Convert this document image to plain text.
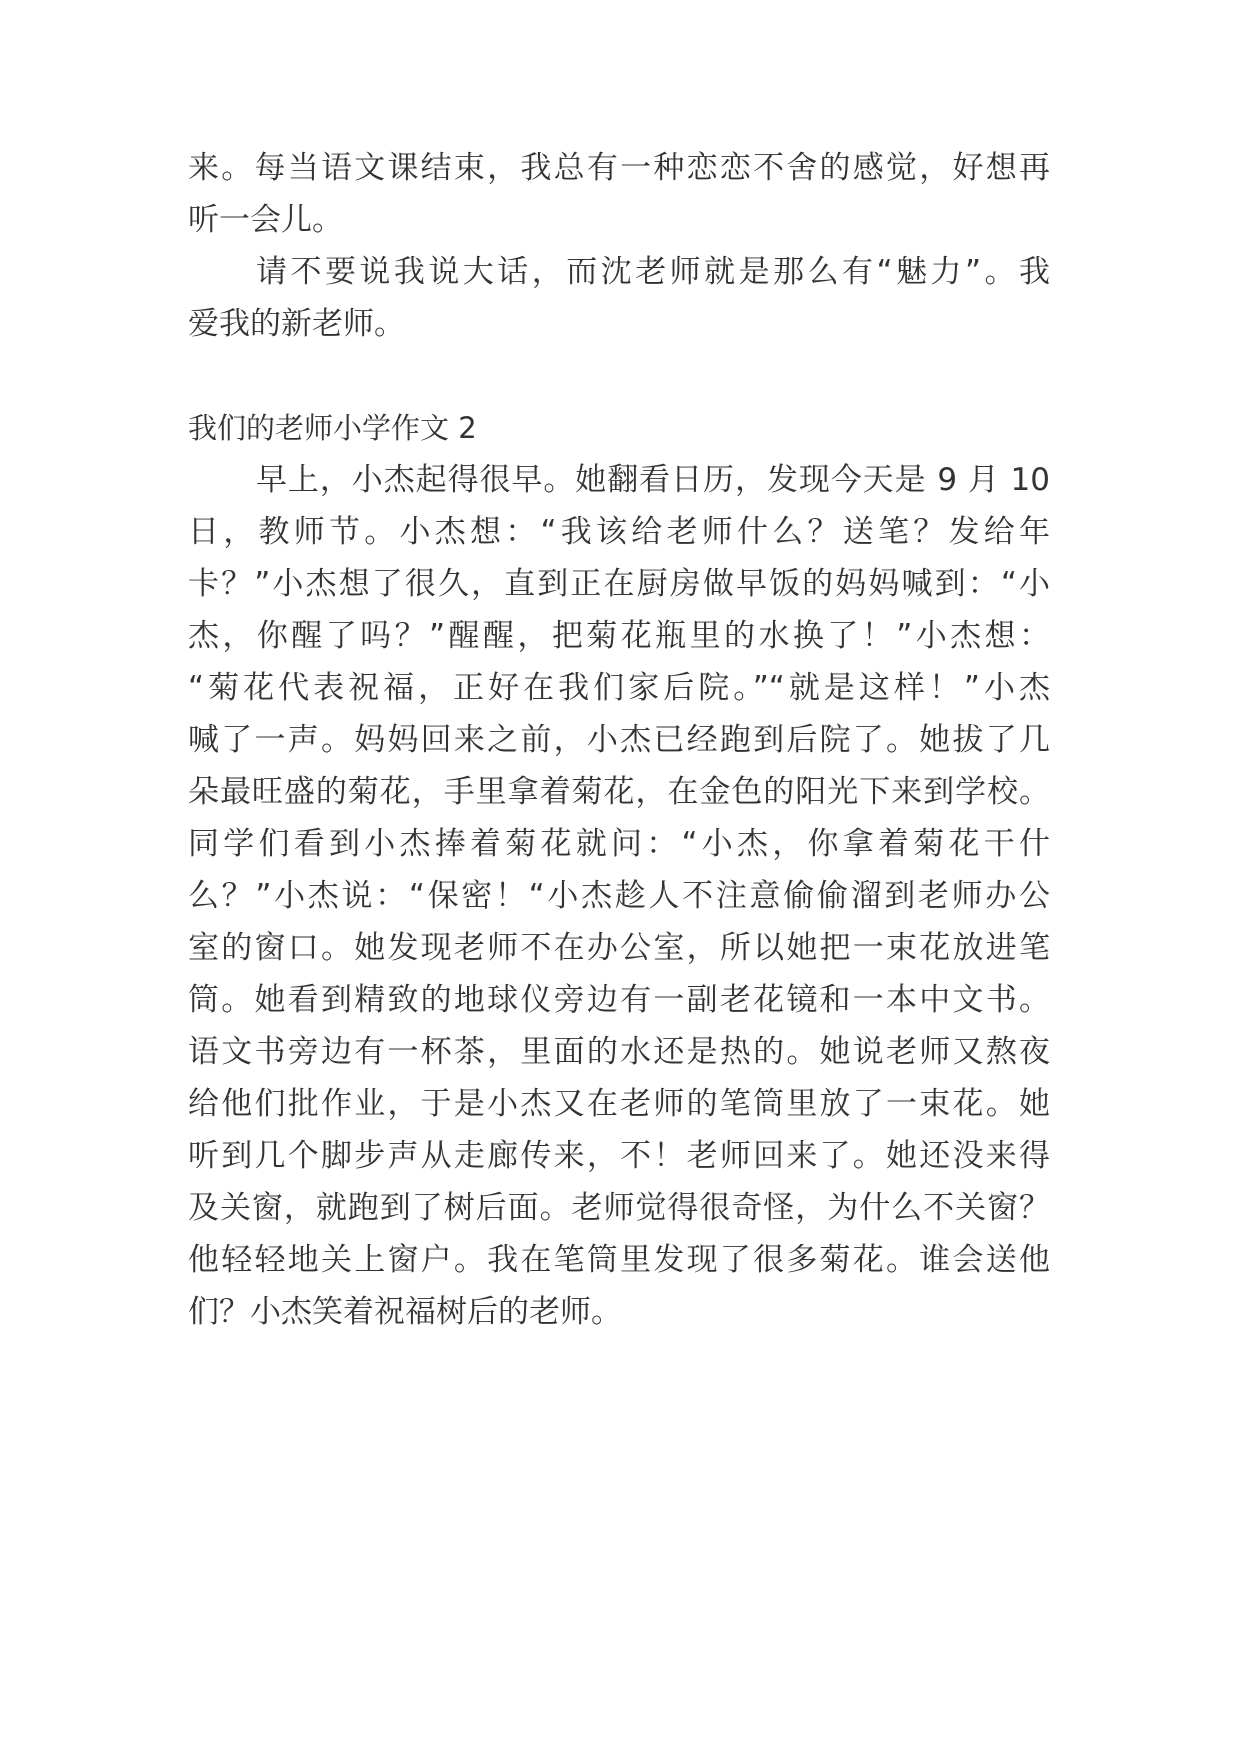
来。每当语文课结束，我总有一种恋恋不舍的感觉，好想再
听一会儿。
请不要说我说大话，而沈老师就是那么有“魅力”。我
爱我的新老师。
我们的老师小学作文 2
早上，小杰起得很早。她翻看日历，发现今天是 9 月 10
日，教师节。小杰想：“我该给老师什么？送笔？发给年
卡？”小杰想了很久，直到正在厨房做早饭的妈妈喊到：“小
杰，你醒了吗？”醒醒，把菊花瓶里的水换了！”小杰想：
“菊花代表祝福，正好在我们家后院。”“就是这样！”小杰
喊了一声。妈妈回来之前，小杰已经跑到后院了。她拔了几
朵最旺盛的菊花，手里拿着菊花，在金色的阳光下来到学校。
同学们看到小杰捧着菊花就问：“小杰，你拿着菊花干什
么？”小杰说：“保密！“小杰趁人不注意偷偷溜到老师办公
室的窗口。她发现老师不在办公室，所以她把一束花放进笔
筒。她看到精致的地球仪旁边有一副老花镜和一本中文书。
语文书旁边有一杯茶，里面的水还是热的。她说老师又熬夜
给他们批作业，于是小杰又在老师的笔筒里放了一束花。她
听到几个脚步声从走廊传来，不！老师回来了。她还没来得
及关窗，就跑到了树后面。老师觉得很奇怪，为什么不关窗？
他轻轻地关上窗户。我在笔筒里发现了很多菊花。谁会送他
们？小杰笑着祝福树后的老师。
